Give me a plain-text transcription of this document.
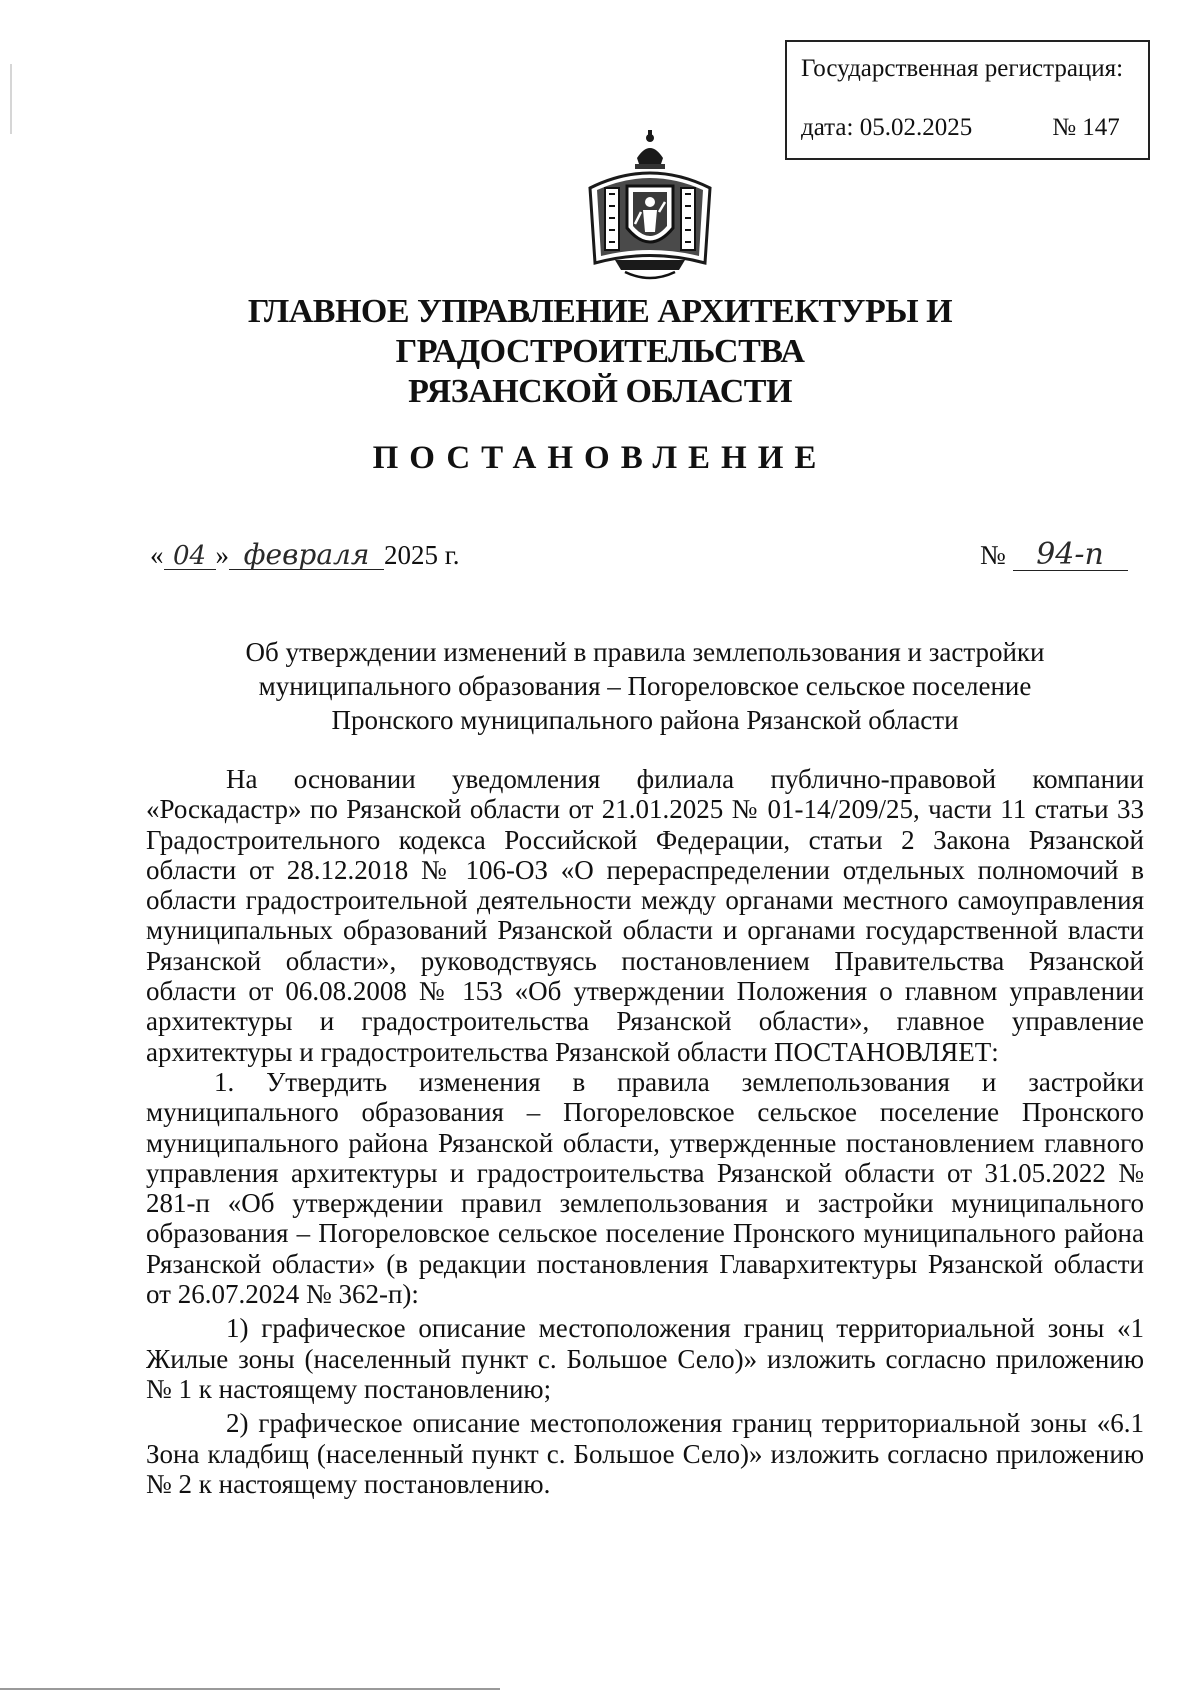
Государственная регистрация:
дата: 05.02.2025	№ 147
ГЛАВНОЕ УПРАВЛЕНИЕ АРХИТЕКТУРЫ И ГРАДОСТРОИТЕЛЬСТВА
РЯЗАНСКОЙ ОБЛАСТИ
ПОСТАНОВЛЕНИЕ
« 04 » февраля 2025 г.	№ 94-п
Об утверждении изменений в правила землепользования и застройки
муниципального образования – Погореловское сельское поселение
Пронского муниципального района Рязанской области

На основании уведомления филиала публично-правовой компании «Роскадастр» по Рязанской области от 21.01.2025 № 01-14/209/25, части 11 статьи 33 Градостроительного кодекса Российской Федерации, статьи 2 Закона Рязанской области от 28.12.2018 № 106-ОЗ «О перераспределении отдельных полномочий в области градостроительной деятельности между органами местного самоуправления муниципальных образований Рязанской области и органами государственной власти Рязанской области», руководствуясь постановлением Правительства Рязанской области от 06.08.2008 № 153 «Об утверждении Положения о главном управлении архитектуры и градостроительства Рязанской области», главное управление архитектуры и градостроительства Рязанской области ПОСТАНОВЛЯЕТ:

1. Утвердить изменения в правила землепользования и застройки муниципального образования – Погореловское сельское поселение Пронского муниципального района Рязанской области, утвержденные постановлением главного управления архитектуры и градостроительства Рязанской области от 31.05.2022 № 281-п «Об утверждении правил землепользования и застройки муниципального образования – Погореловское сельское поселение Пронского муниципального района Рязанской области» (в редакции постановления Главархитектуры Рязанской области от 26.07.2024 № 362-п):

1) графическое описание местоположения границ территориальной зоны «1 Жилые зоны (населенный пункт с. Большое Село)» изложить согласно приложению № 1 к настоящему постановлению;

2) графическое описание местоположения границ территориальной зоны «6.1 Зона кладбищ (населенный пункт с. Большое Село)» изложить согласно приложению № 2 к настоящему постановлению.
